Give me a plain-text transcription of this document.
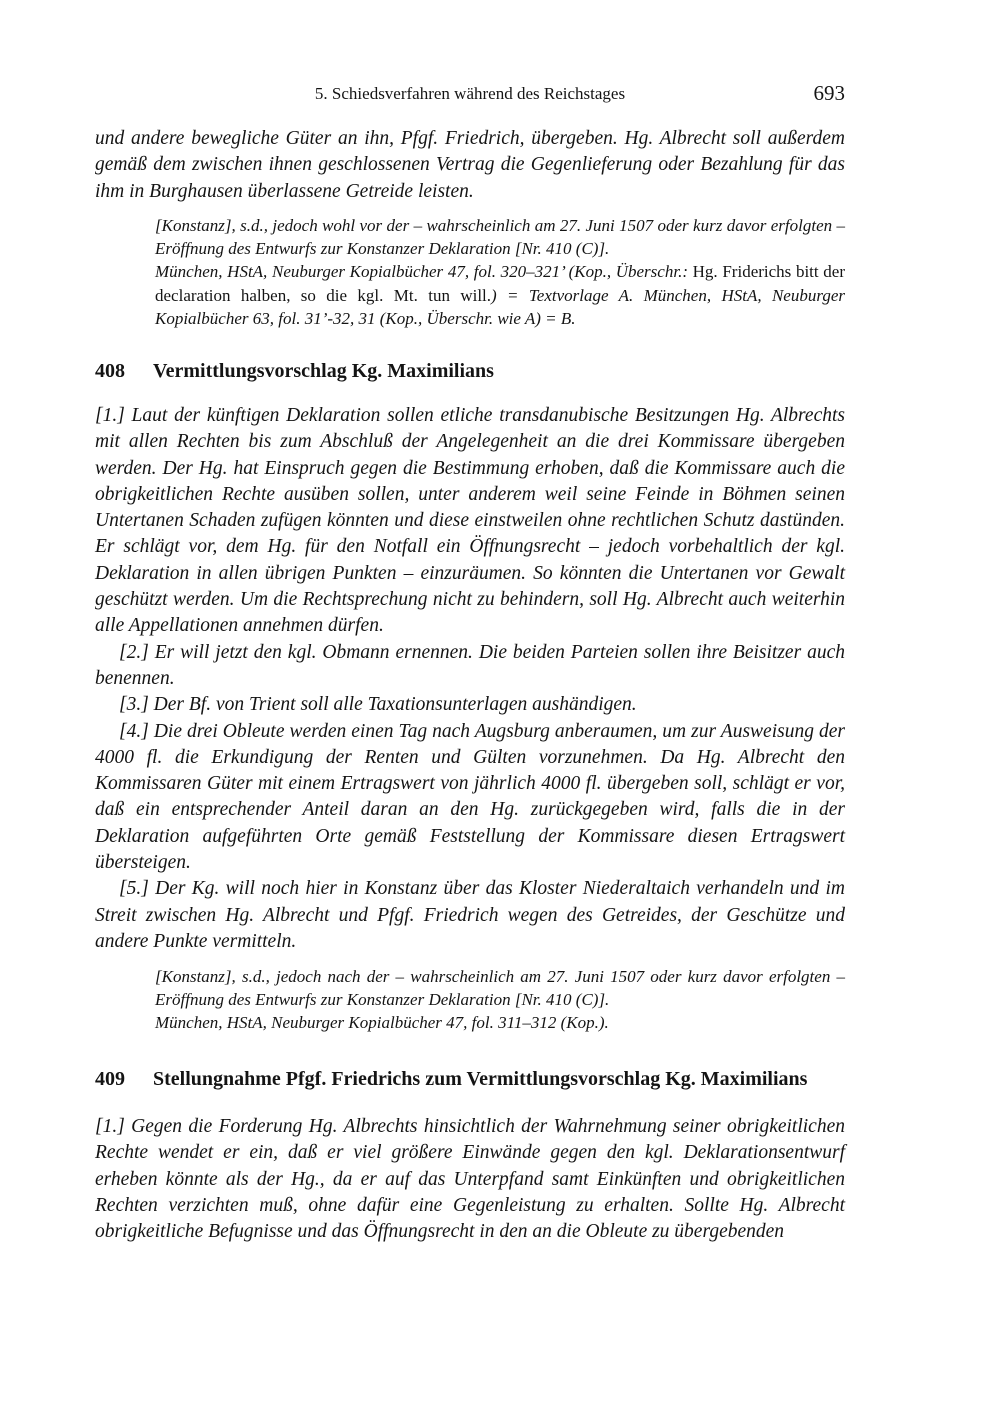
5. Schiedsverfahren während des Reichstages	693

und andere bewegliche Güter an ihn, Pfgf. Friedrich, übergeben. Hg. Albrecht soll außerdem gemäß dem zwischen ihnen geschlossenen Vertrag die Gegenlieferung oder Bezahlung für das ihm in Burghausen überlassene Getreide leisten.

[Konstanz], s.d., jedoch wohl vor der – wahrscheinlich am 27. Juni 1507 oder kurz davor erfolgten – Eröffnung des Entwurfs zur Konstanzer Deklaration [Nr. 410 (C)].
München, HStA, Neuburger Kopialbücher 47, fol. 320–321’ (Kop., Überschr.: Hg. Friderichs bitt der declaration halben, so die kgl. Mt. tun will.) = Textvorlage A. München, HStA, Neuburger Kopialbücher 63, fol. 31’-32, 31 (Kop., Überschr. wie A) = B.
408 Vermittlungsvorschlag Kg. Maximilians

[1.] Laut der künftigen Deklaration sollen etliche transdanubische Besitzungen Hg. Albrechts mit allen Rechten bis zum Abschluß der Angelegenheit an die drei Kommissare übergeben werden. Der Hg. hat Einspruch gegen die Bestimmung erhoben, daß die Kommissare auch die obrigkeitlichen Rechte ausüben sollen, unter anderem weil seine Feinde in Böhmen seinen Untertanen Schaden zufügen könnten und diese einstweilen ohne rechtlichen Schutz dastünden. Er schlägt vor, dem Hg. für den Notfall ein Öffnungsrecht – jedoch vorbehaltlich der kgl. Deklaration in allen übrigen Punkten – einzuräumen. So könnten die Untertanen vor Gewalt geschützt werden. Um die Rechtsprechung nicht zu behindern, soll Hg. Albrecht auch weiterhin alle Appellationen annehmen dürfen.

[2.] Er will jetzt den kgl. Obmann ernennen. Die beiden Parteien sollen ihre Beisitzer auch benennen.

[3.] Der Bf. von Trient soll alle Taxationsunterlagen aushändigen.

[4.] Die drei Obleute werden einen Tag nach Augsburg anberaumen, um zur Ausweisung der 4000 fl. die Erkundigung der Renten und Gülten vorzunehmen. Da Hg. Albrecht den Kommissaren Güter mit einem Ertragswert von jährlich 4000 fl. übergeben soll, schlägt er vor, daß ein entsprechender Anteil daran an den Hg. zurückgegeben wird, falls die in der Deklaration aufgeführten Orte gemäß Feststellung der Kommissare diesen Ertragswert übersteigen.

[5.] Der Kg. will noch hier in Konstanz über das Kloster Niederaltaich verhandeln und im Streit zwischen Hg. Albrecht und Pfgf. Friedrich wegen des Getreides, der Geschütze und andere Punkte vermitteln.

[Konstanz], s.d., jedoch nach der – wahrscheinlich am 27. Juni 1507 oder kurz davor erfolgten – Eröffnung des Entwurfs zur Konstanzer Deklaration [Nr. 410 (C)].
München, HStA, Neuburger Kopialbücher 47, fol. 311–312 (Kop.).
409 Stellungnahme Pfgf. Friedrichs zum Vermittlungsvorschlag Kg. Maximilians

[1.] Gegen die Forderung Hg. Albrechts hinsichtlich der Wahrnehmung seiner obrigkeitlichen Rechte wendet er ein, daß er viel größere Einwände gegen den kgl. Deklarationsentwurf erheben könnte als der Hg., da er auf das Unterpfand samt Einkünften und obrigkeitlichen Rechten verzichten muß, ohne dafür eine Gegenleistung zu erhalten. Sollte Hg. Albrecht obrigkeitliche Befugnisse und das Öffnungsrecht in den an die Obleute zu übergebenden
